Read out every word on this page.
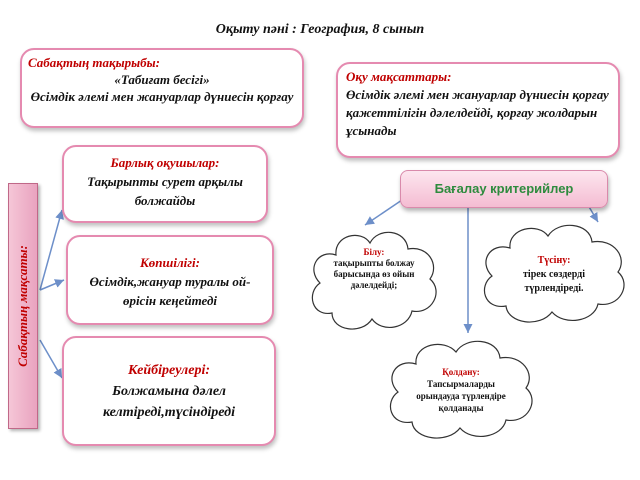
Оқыту пәні : География, 8 сынып
Сабақтың тақырыбы:
«Табиғат бесігі»
Өсімдік әлемі мен жануарлар дүниесін қорғау
Оқу мақсаттары:
Өсімдік әлемі мен жануарлар дүниесін қорғау қажеттілігін дәлелдейді, қорғау жолдарын ұсынады
Сабақтың мақсаты:
Барлық оқушылар:
Тақырыпты сурет арқылы болжайды
Көпшілігі:
Өсімдік,жануар туралы ой-өрісін кеңейтеді
Кейбіреулері:
Болжамына дәлел келтіреді,түсіндіреді
Бағалау критерийлер
Білу:
тақырыпты болжау барысында өз ойын дәлелдейді;
Түсіну:
тірек сөздерді түрлендіреді.
Қолдану:
Тапсырмаларды орындауда түрлендіре қолданады
